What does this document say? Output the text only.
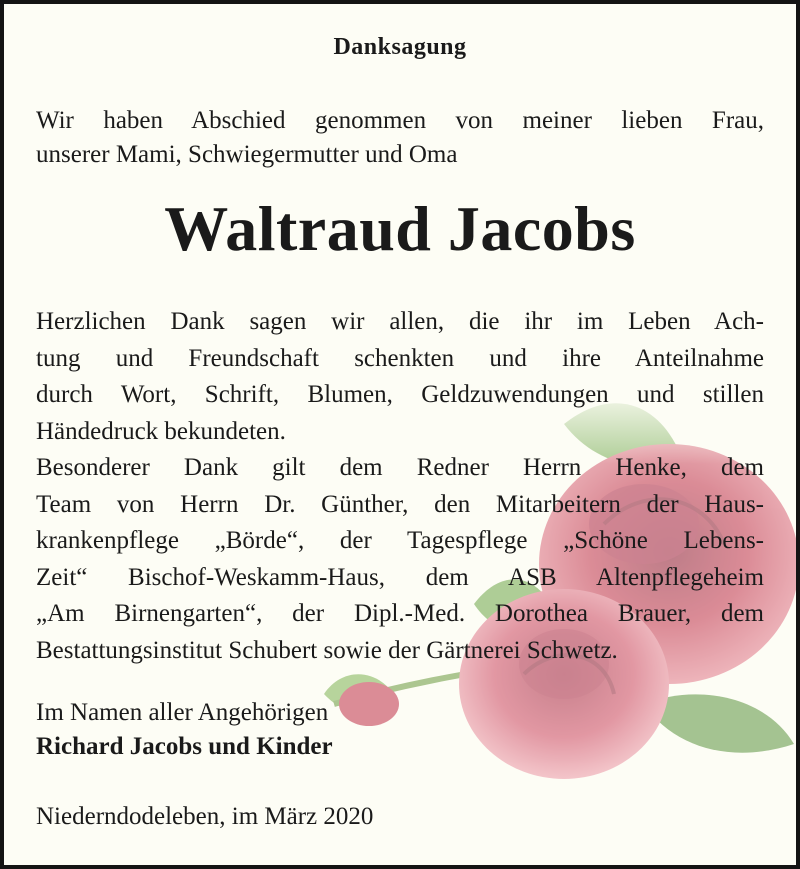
Danksagung
Wir haben Abschied genommen von meiner lieben Frau,
unserer Mami, Schwiegermutter und Oma
Waltraud Jacobs
Herzlichen Dank sagen wir allen, die ihr im Leben Ach-
tung und Freundschaft schenkten und ihre Anteilnahme
durch Wort, Schrift, Blumen, Geldzuwendungen und stillen
Händedruck bekundeten.
Besonderer Dank gilt dem Redner Herrn Henke, dem
Team von Herrn Dr. Günther, den Mitarbeitern der Haus-
krankenpflege „Börde“, der Tagespflege „Schöne Lebens-
Zeit“ Bischof-Weskamm-Haus, dem ASB Altenpflegeheim
„Am Birnengarten“, der Dipl.-Med. Dorothea Brauer, dem
Bestattungsinstitut Schubert sowie der Gärtnerei Schwetz.
Im Namen aller Angehörigen
Richard Jacobs und Kinder
Niederndodeleben, im März 2020
